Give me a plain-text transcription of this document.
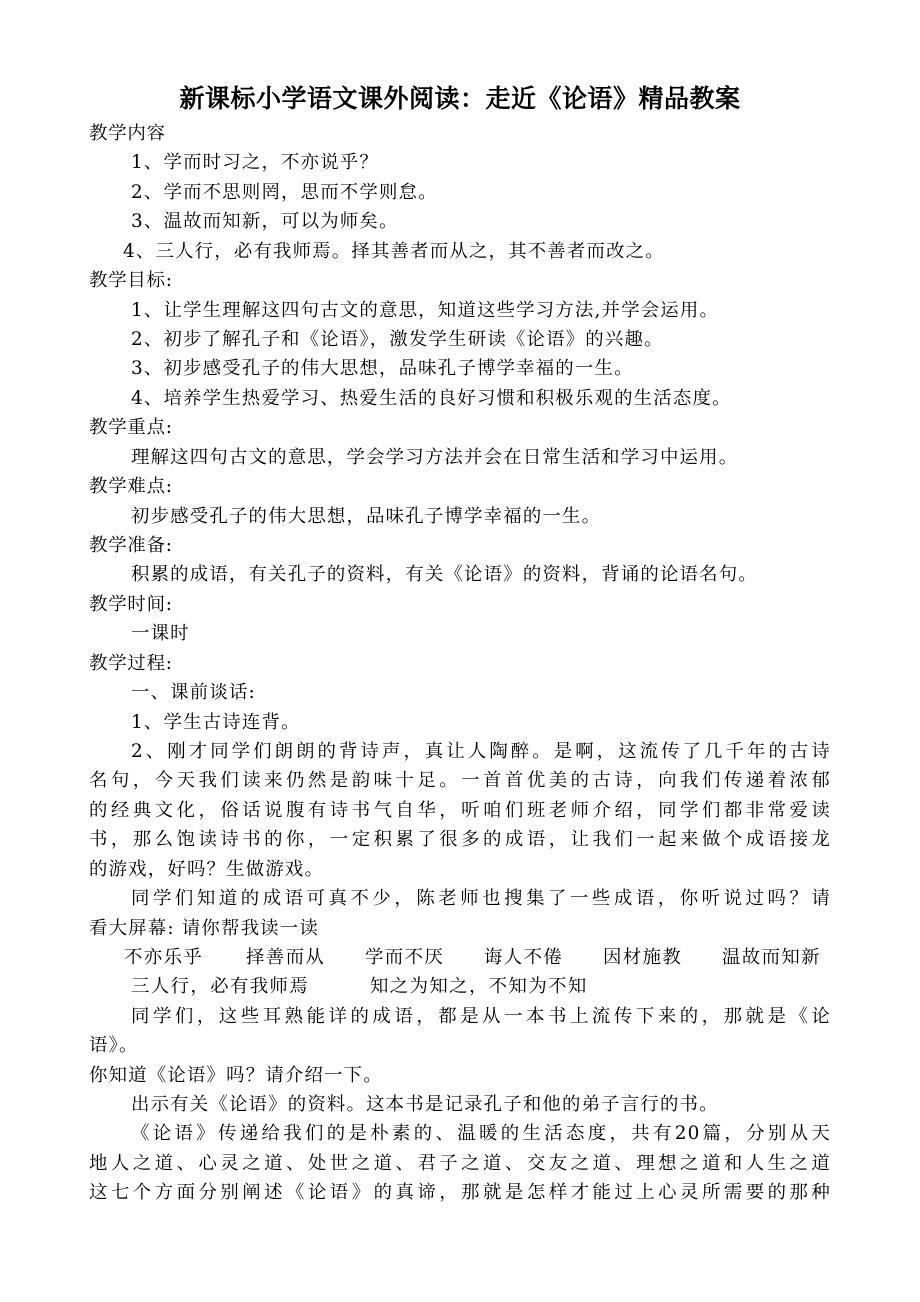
新课标小学语文课外阅读：走近《论语》精品教案
教学内容
1、学而时习之，不亦说乎？
2、学而不思则罔，思而不学则怠。
3、温故而知新，可以为师矣。
4、三人行，必有我师焉。择其善者而从之，其不善者而改之。
教学目标:
1、让学生理解这四句古文的意思，知道这些学习方法,并学会运用。
2、初步了解孔子和《论语》，激发学生研读《论语》的兴趣。
3、初步感受孔子的伟大思想，品味孔子博学幸福的一生。
4、培养学生热爱学习、热爱生活的良好习惯和积极乐观的生活态度。
教学重点:
理解这四句古文的意思，学会学习方法并会在日常生活和学习中运用。
教学难点:
初步感受孔子的伟大思想，品味孔子博学幸福的一生。
教学准备:
积累的成语，有关孔子的资料，有关《论语》的资料，背诵的论语名句。
教学时间:
一课时
教学过程:
一、课前谈话:
1、学生古诗连背。
2、刚才同学们朗朗的背诗声，真让人陶醉。是啊，这流传了几千年的古诗
名句，今天我们读来仍然是韵味十足。一首首优美的古诗，向我们传递着浓郁
的经典文化，俗话说腹有诗书气自华，听咱们班老师介绍，同学们都非常爱读
书，那么饱读诗书的你，一定积累了很多的成语，让我们一起来做个成语接龙
的游戏，好吗？生做游戏。
同学们知道的成语可真不少，陈老师也搜集了一些成语，你听说过吗？请
看大屏幕: 请你帮我读一读
不亦乐乎 择善而从 学而不厌 诲人不倦 因材施教 温故而知新
三人行，必有我师焉	知之为知之，不知为不知
同学们，这些耳熟能详的成语，都是从一本书上流传下来的，那就是《论
语》。
你知道《论语》吗？请介绍一下。
出示有关《论语》的资料。这本书是记录孔子和他的弟子言行的书。
《论语》传递给我们的是朴素的、温暖的生活态度，共有20篇，分别从天
地人之道、心灵之道、处世之道、君子之道、交友之道、理想之道和人生之道
这七个方面分别阐述《论语》的真谛，那就是怎样才能过上心灵所需要的那种
